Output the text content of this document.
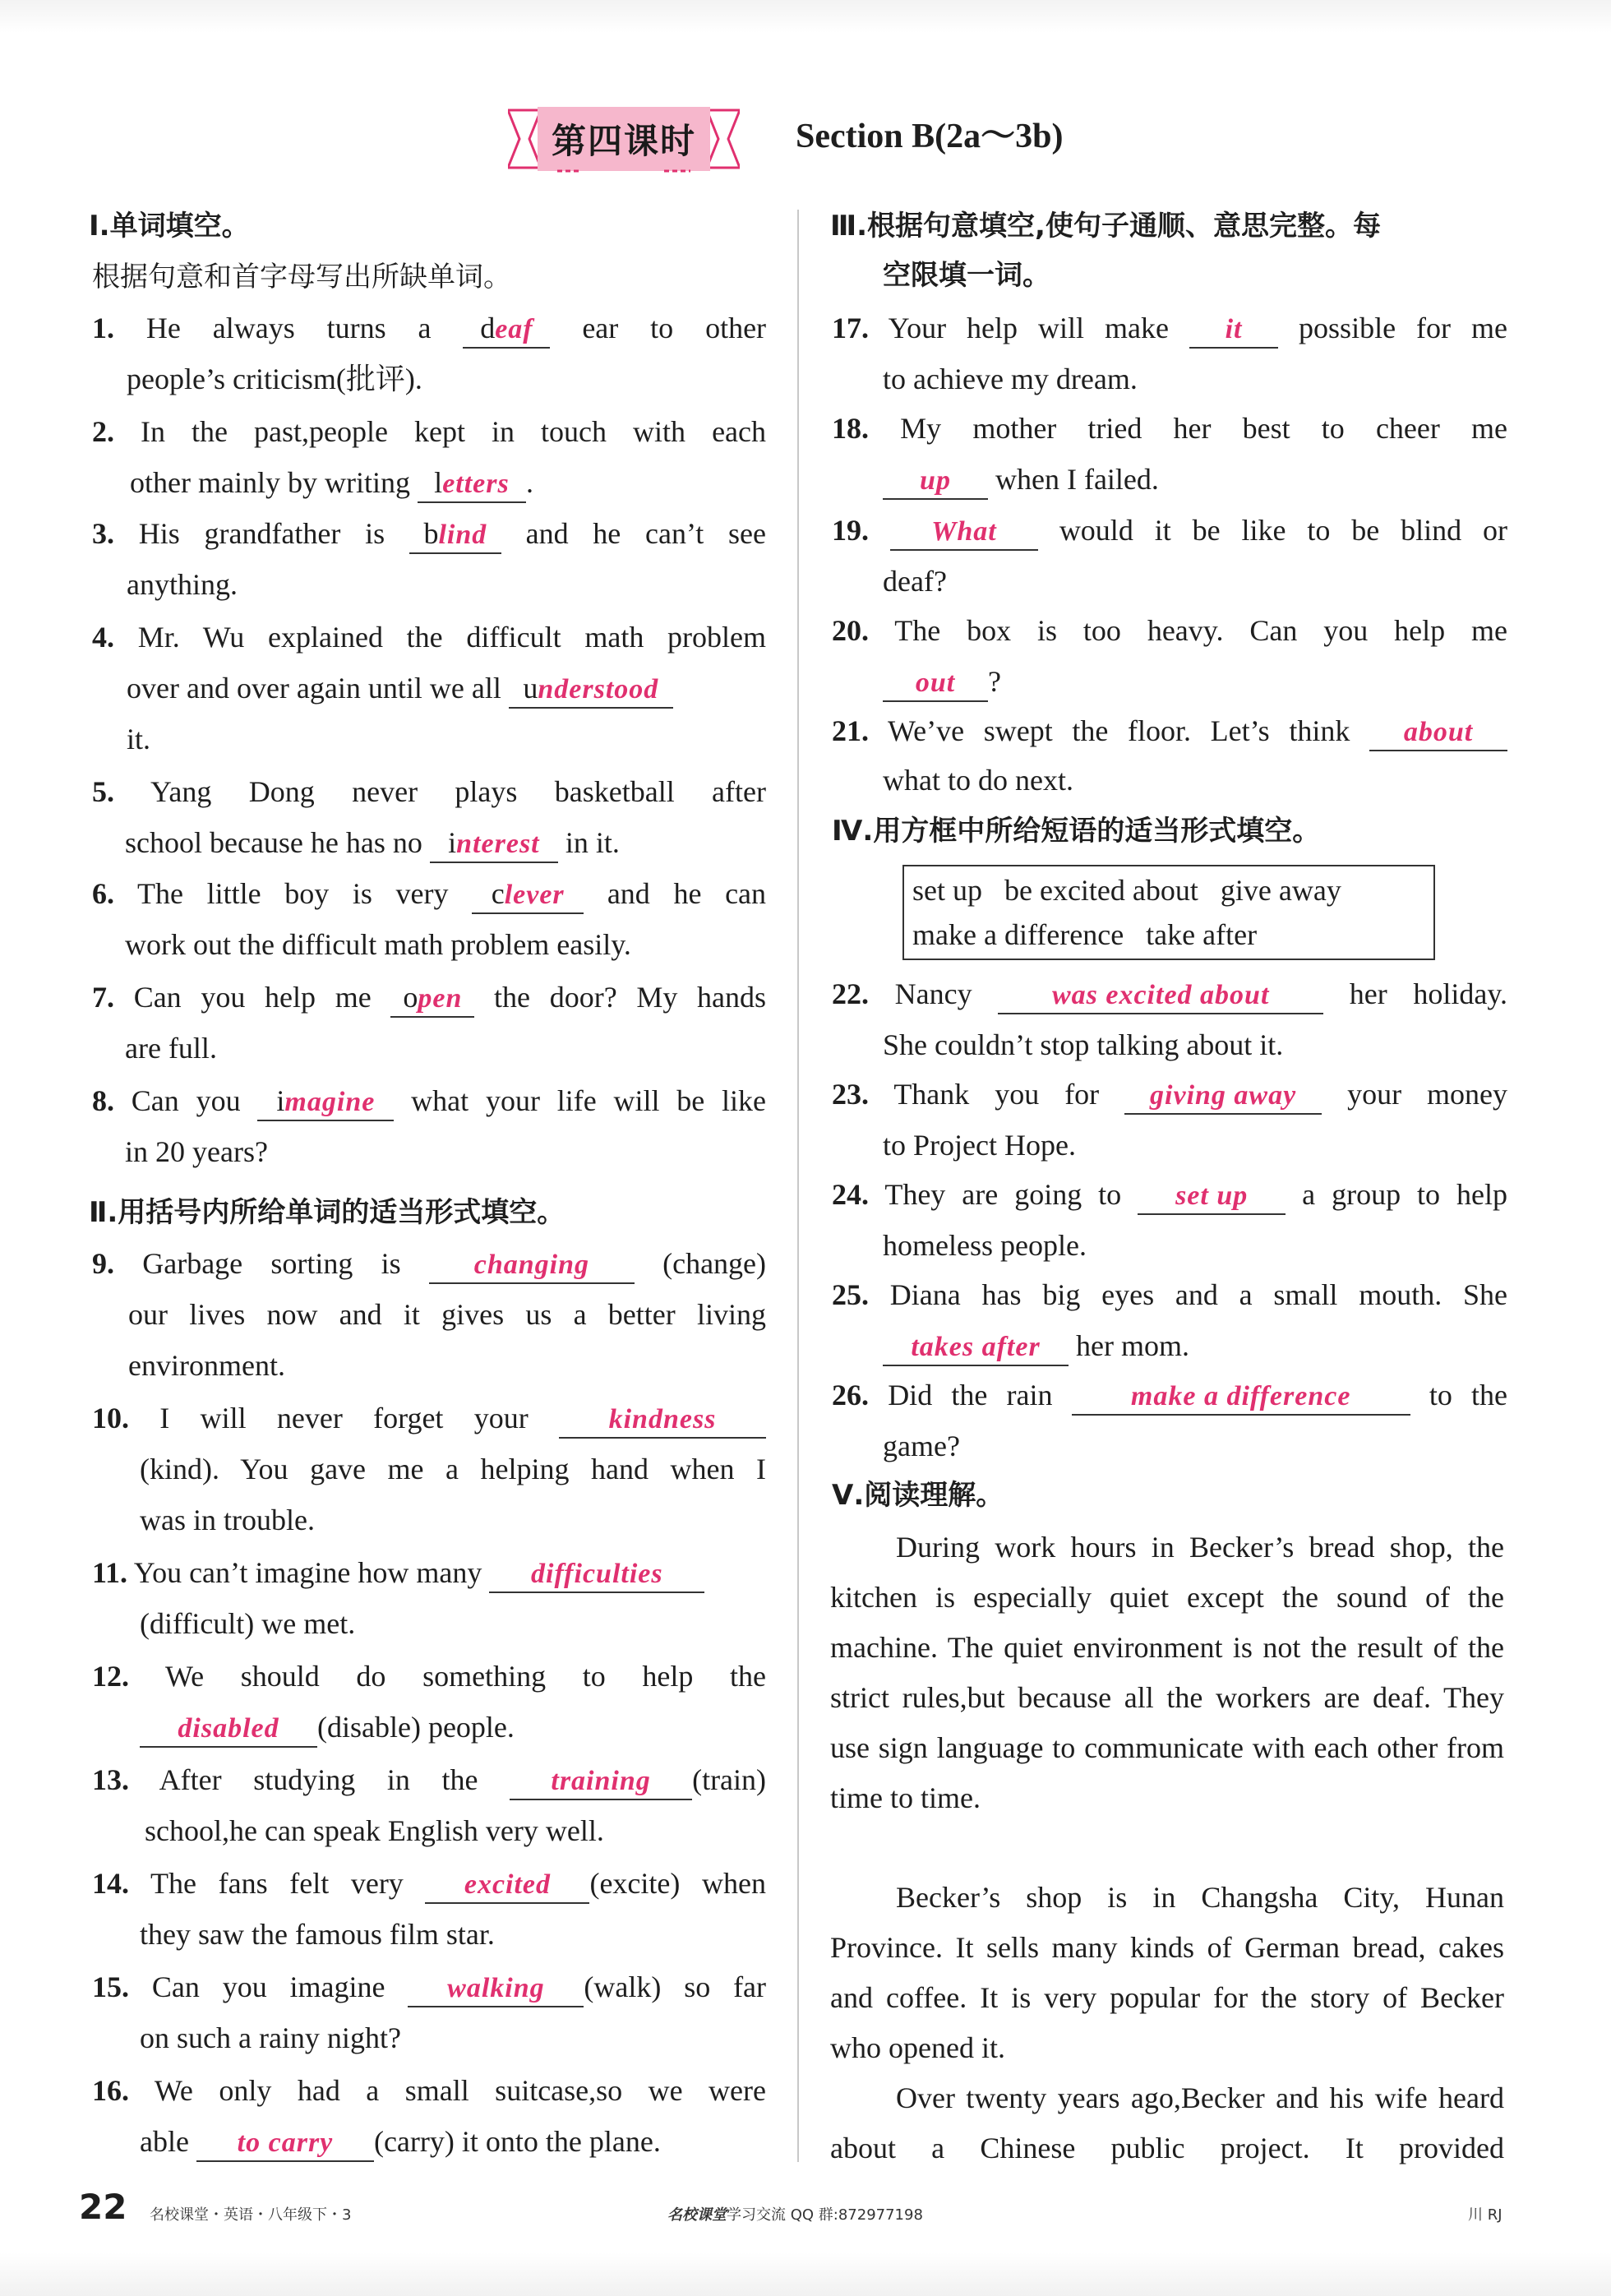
第四课时	Section B(2a～3b)
Ⅰ.单词填空。
根据句意和首字母写出所缺单词。
1. He always turns a deaf ear to other
people’s criticism(批评).
2. In the past,people kept in touch with each
other mainly by writing letters .
3. His grandfather is blind and he can’t see
anything.
4. Mr. Wu explained the difficult math problem
over and over again until we all understood
it.
5. Yang Dong never plays basketball after
school because he has no interest in it.
6. The little boy is very clever and he can
work out the difficult math problem easily.
7. Can you help me open the door? My hands
are full.
8. Can you imagine what your life will be like
in 20 years?
Ⅱ.用括号内所给单词的适当形式填空。
9. Garbage sorting is	changing (change)
our lives now and it gives us a better living
environment.
10. I will never forget your	kindness
(kind). You gave me a helping hand when I
was in trouble.
11. You can’t imagine how many difficulties
(difficult) we met.
12. We should do something to help the
disabled (disable) people.
13. After studying in the	training (train)
school,he can speak English very well.
14. The fans felt very excited (excite) when
they saw the famous film star.
15. Can you imagine walking (walk) so far
on such a rainy night?
16. We only had a small suitcase,so we were
able to carry (carry) it onto the plane.
Ⅲ.根据句意填空,使句子通顺、意思完整。每
空限填一词。
17. Your help will make it possible for me
to achieve my dream.
18. My mother tried her best to cheer me
up when I failed.
19. What would it be like to be blind or
deaf?
20. The box is too heavy. Can you help me
out ?
21. We’ve swept the floor. Let’s think about
what to do next.
Ⅳ.用方框中所给短语的适当形式填空。
set up   be excited about   give away
make a difference   take after
22. Nancy	was excited about	her holiday.
She couldn’t stop talking about it.
23. Thank you for giving away your money
to Project Hope.
24. They are going to set up a group to help
homeless people.
25. Diana has big eyes and a small mouth. She
takes after her mom.
26. Did the rain	make a difference	to the
game?
Ⅴ.阅读理解。
During work hours in Becker’s bread shop, the kitchen is especially quiet except the sound of the machine. The quiet environment is not the result of the strict rules,but because all the workers are deaf. They use sign language to communicate with each other from time to time.
Becker’s shop is in Changsha City, Hunan Province. It sells many kinds of German bread, cakes and coffee. It is very popular for the story of Becker who opened it.
Over twenty years ago,Becker and his wife heard about a Chinese public project. It provided
22 名校课堂・英语・八年级下・3	名校课堂学习交流 QQ 群:872977198	川 RJ
